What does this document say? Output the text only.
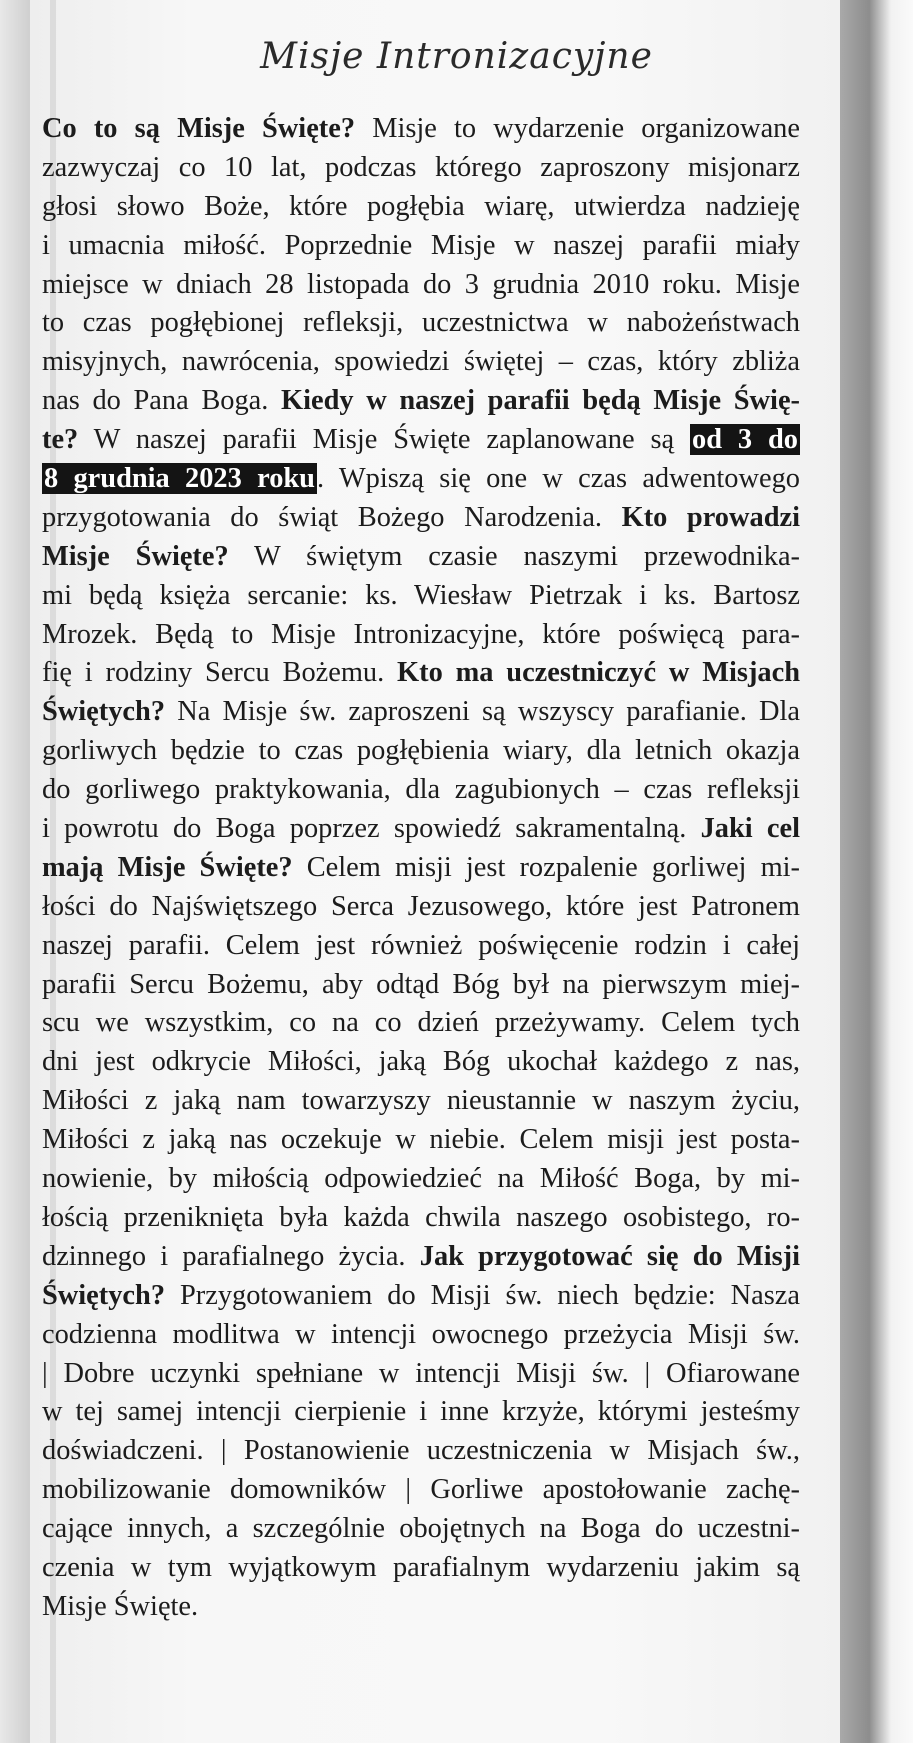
Misje Intronizacyjne
Co to są Misje Święte? Misje to wydarzenie organizowane
zazwyczaj co 10 lat, podczas którego zaproszony misjonarz
głosi słowo Boże, które pogłębia wiarę, utwierdza nadzieję
i umacnia miłość. Poprzednie Misje w naszej parafii miały
miejsce w dniach 28 listopada do 3 grudnia 2010 roku. Misje
to czas pogłębionej refleksji, uczestnictwa w nabożeństwach
misyjnych, nawrócenia, spowiedzi świętej – czas, który zbliża
nas do Pana Boga. Kiedy w naszej parafii będą Misje Świę-
te? W naszej parafii Misje Święte zaplanowane są od 3 do
8 grudnia 2023 roku. Wpiszą się one w czas adwentowego
przygotowania do świąt Bożego Narodzenia. Kto prowadzi
Misje Święte? W świętym czasie naszymi przewodnika-
mi będą księża sercanie: ks. Wiesław Pietrzak i ks. Bartosz
Mrozek. Będą to Misje Intronizacyjne, które poświęcą para-
fię i rodziny Sercu Bożemu. Kto ma uczestniczyć w Misjach
Świętych? Na Misje św. zaproszeni są wszyscy parafianie. Dla
gorliwych będzie to czas pogłębienia wiary, dla letnich okazja
do gorliwego praktykowania, dla zagubionych – czas refleksji
i powrotu do Boga poprzez spowiedź sakramentalną. Jaki cel
mają Misje Święte? Celem misji jest rozpalenie gorliwej mi-
łości do Najświętszego Serca Jezusowego, które jest Patronem
naszej parafii. Celem jest również poświęcenie rodzin i całej
parafii Sercu Bożemu, aby odtąd Bóg był na pierwszym miej-
scu we wszystkim, co na co dzień przeżywamy. Celem tych
dni jest odkrycie Miłości, jaką Bóg ukochał każdego z nas,
Miłości z jaką nam towarzyszy nieustannie w naszym życiu,
Miłości z jaką nas oczekuje w niebie. Celem misji jest posta-
nowienie, by miłością odpowiedzieć na Miłość Boga, by mi-
łością przeniknięta była każda chwila naszego osobistego, ro-
dzinnego i parafialnego życia. Jak przygotować się do Misji
Świętych? Przygotowaniem do Misji św. niech będzie: Nasza
codzienna modlitwa w intencji owocnego przeżycia Misji św.
| Dobre uczynki spełniane w intencji Misji św. | Ofiarowane
w tej samej intencji cierpienie i inne krzyże, którymi jesteśmy
doświadczeni. | Postanowienie uczestniczenia w Misjach św.,
mobilizowanie domowników | Gorliwe apostołowanie zachę-
cające innych, a szczególnie obojętnych na Boga do uczestni-
czenia w tym wyjątkowym parafialnym wydarzeniu jakim są
Misje Święte.
